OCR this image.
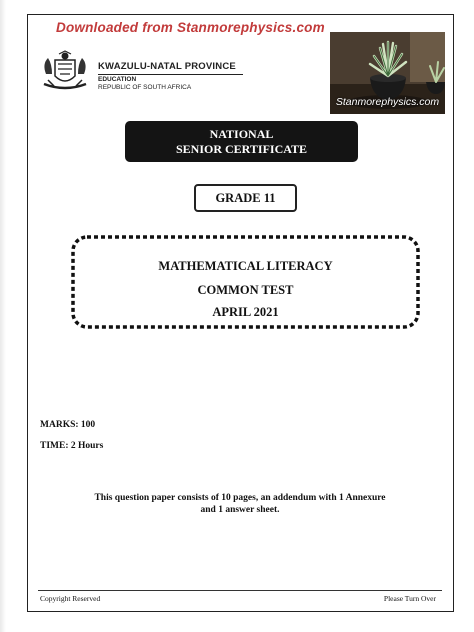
Downloaded from Stanmorephysics.com
KWAZULU-NATAL PROVINCE
EDUCATION
REPUBLIC OF SOUTH AFRICA
Stanmorephysics.com
NATIONAL
SENIOR CERTIFICATE
GRADE 11
MATHEMATICAL LITERACY
COMMON TEST
APRIL 2021
MARKS: 100
TIME: 2 Hours
This question paper consists of 10 pages, an addendum with 1 Annexure
and 1 answer sheet.
Copyright Reserved	Please Turn Over
